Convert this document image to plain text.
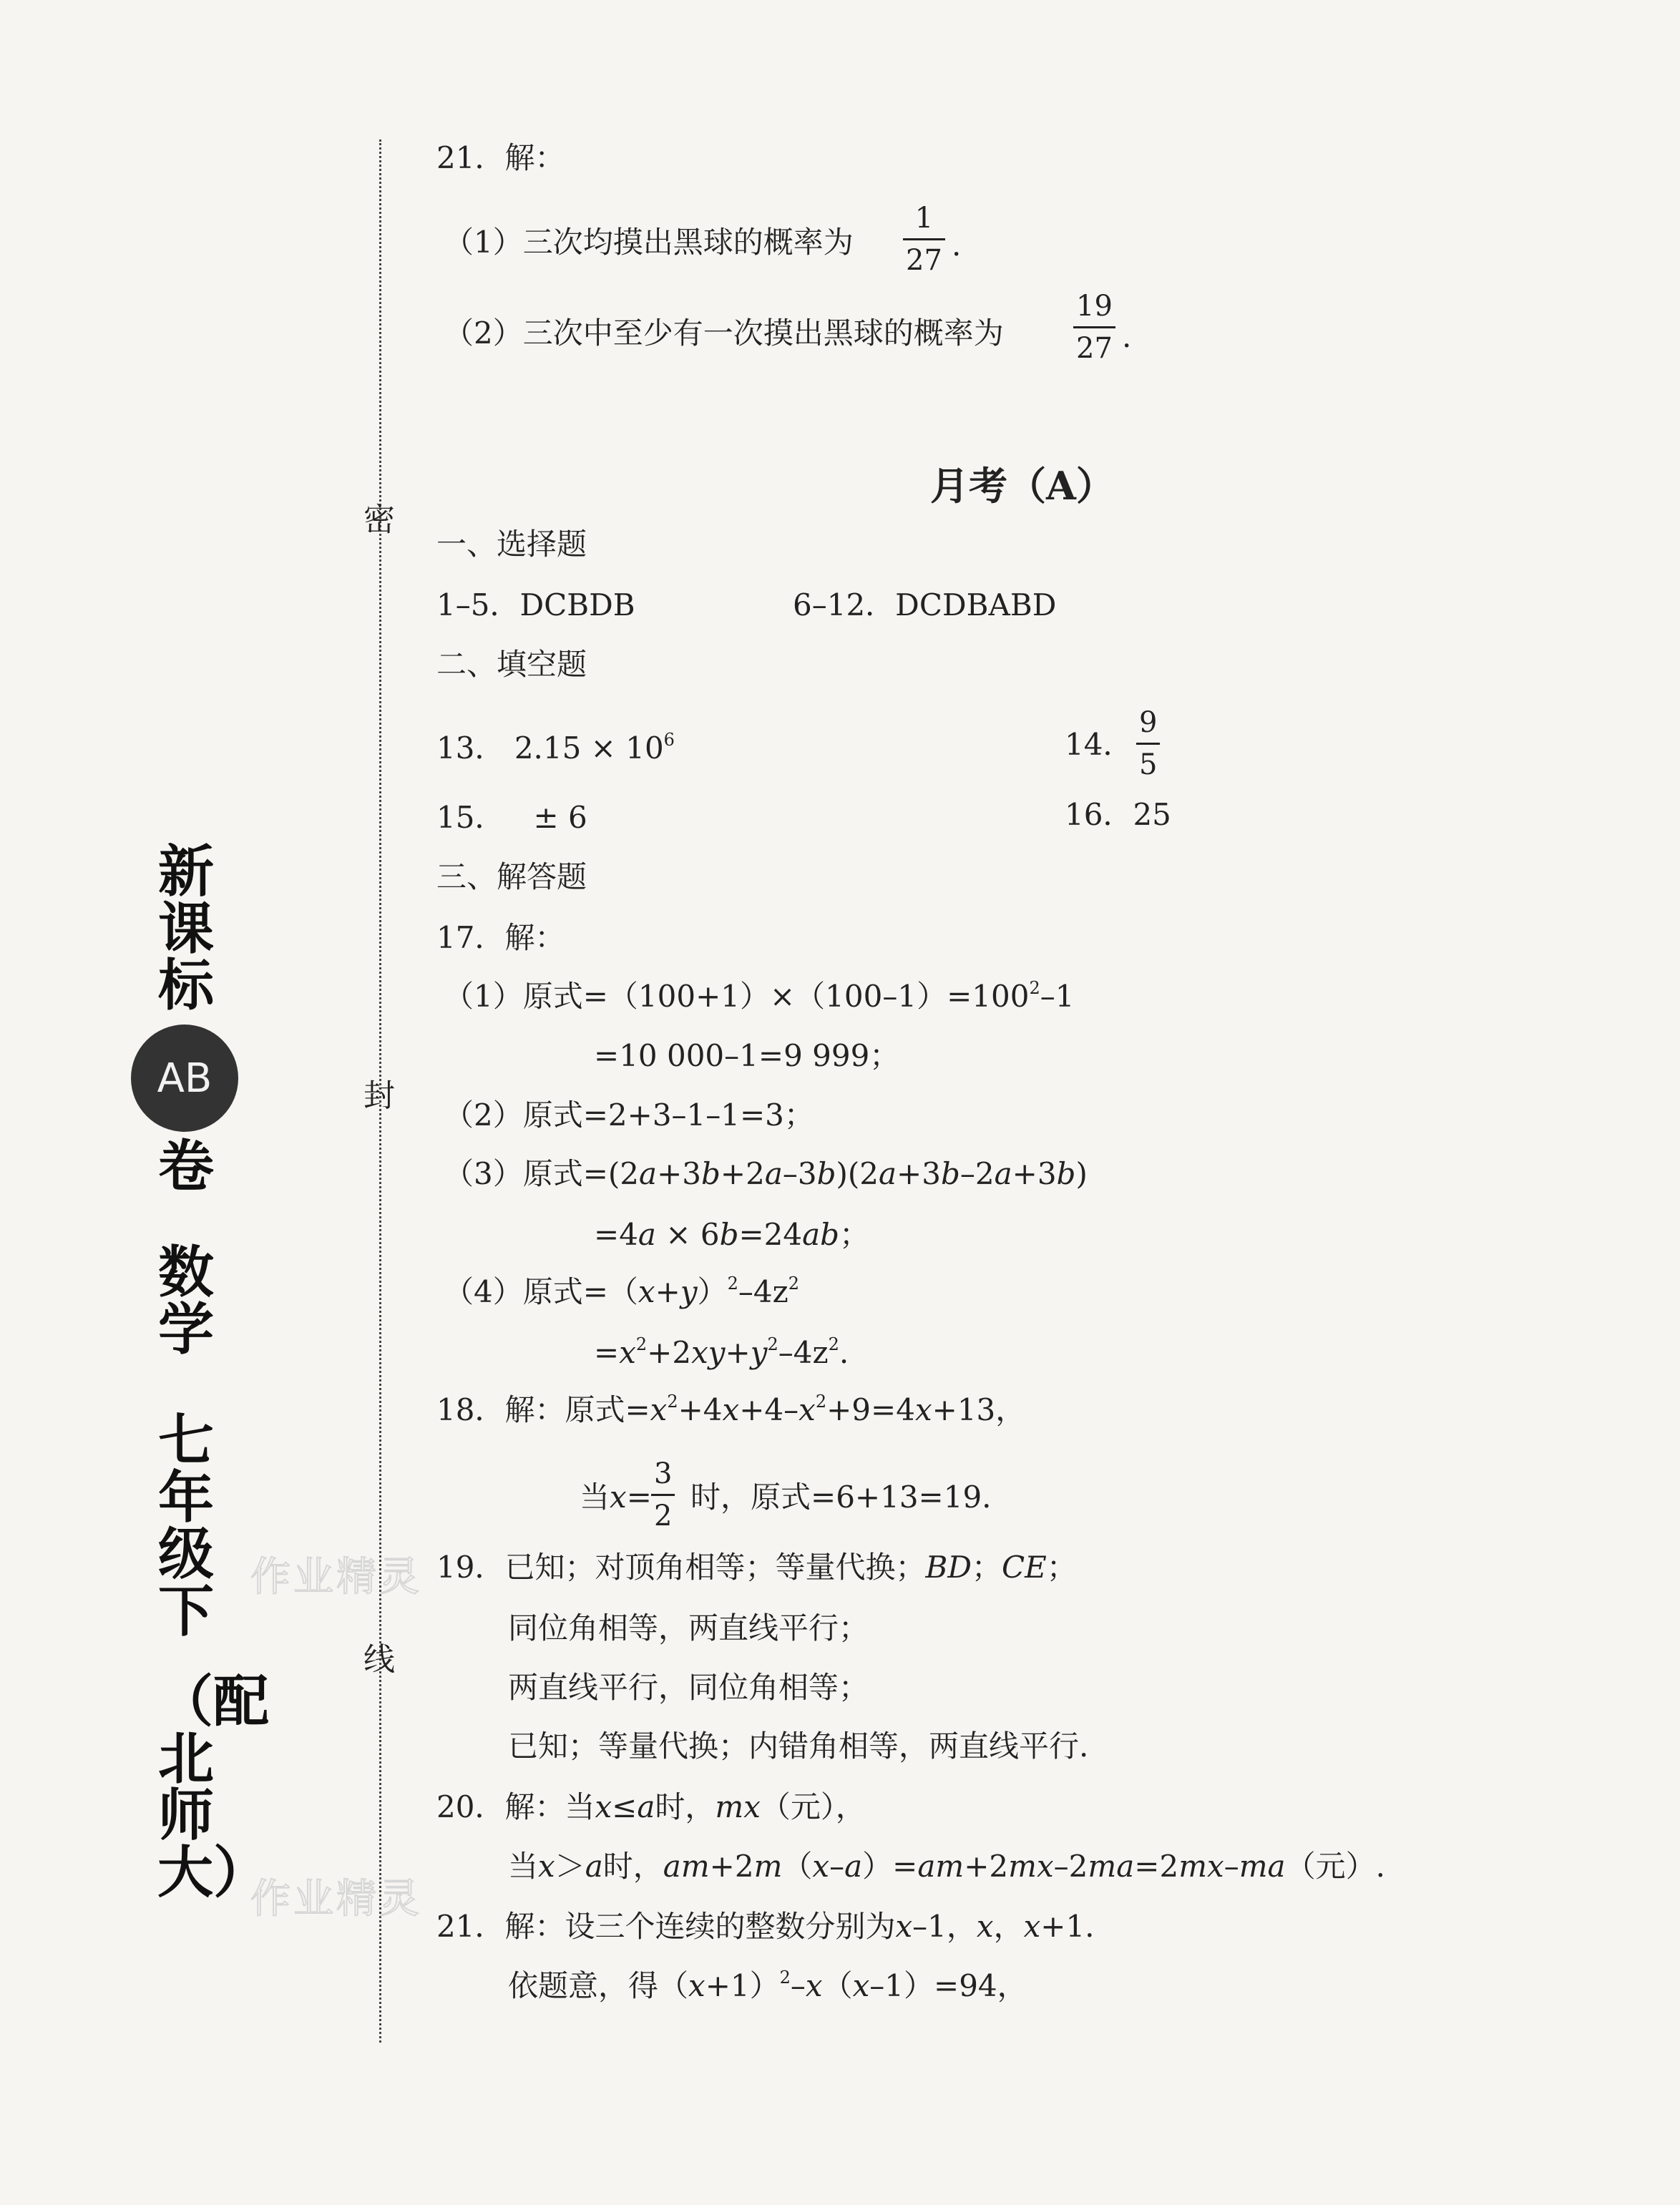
密
封
线
新课标
AB
卷
数学
七年级下
（配北师大）
作业精灵
作业精灵
21．解：
（1）三次均摸出黑球的概率为 $\frac{1}{27}$ .
（2）三次中至少有一次摸出黑球的概率为 $\frac{19}{27}$ .
月考（A）
一、选择题
1–5．DCBDB	6–12．DCDBABD
二、填空题
13． $2.15 \times 10^6$	14． $\frac{9}{5}$
15．   ± 6	16．25
三、解答题
17．解：
（1）原式$=(100+1)\times(100-1)=100^2-1$
=10 000–1=9 999；
（2）原式=2+3–1–1=3；
（3）原式=(2a+3b+2a–3b)(2a+3b–2a+3b)
=4a × 6b=24ab；
（4）原式$=(x+y)^2-4z^2$
$=x^2+2xy+y^2-4z^2$.
18．解：原式$=x^2+4x+4-x^2+9=4x+13$，
当$x= \frac{3}{2}$ 时，原式=6+13=19.
19．已知；对顶角相等；等量代换；BD；CE；
同位角相等，两直线平行；
两直线平行，同位角相等；
已知；等量代换；内错角相等，两直线平行.
20．解：当x≤a时，mx（元），
当x＞a时，am+2m（x–a）=am+2mx–2ma=2mx–ma（元）.
21．解：设三个连续的整数分别为x–1，x，x+1.
依题意，得$(x+1)^2-x(x-1)=94$，
